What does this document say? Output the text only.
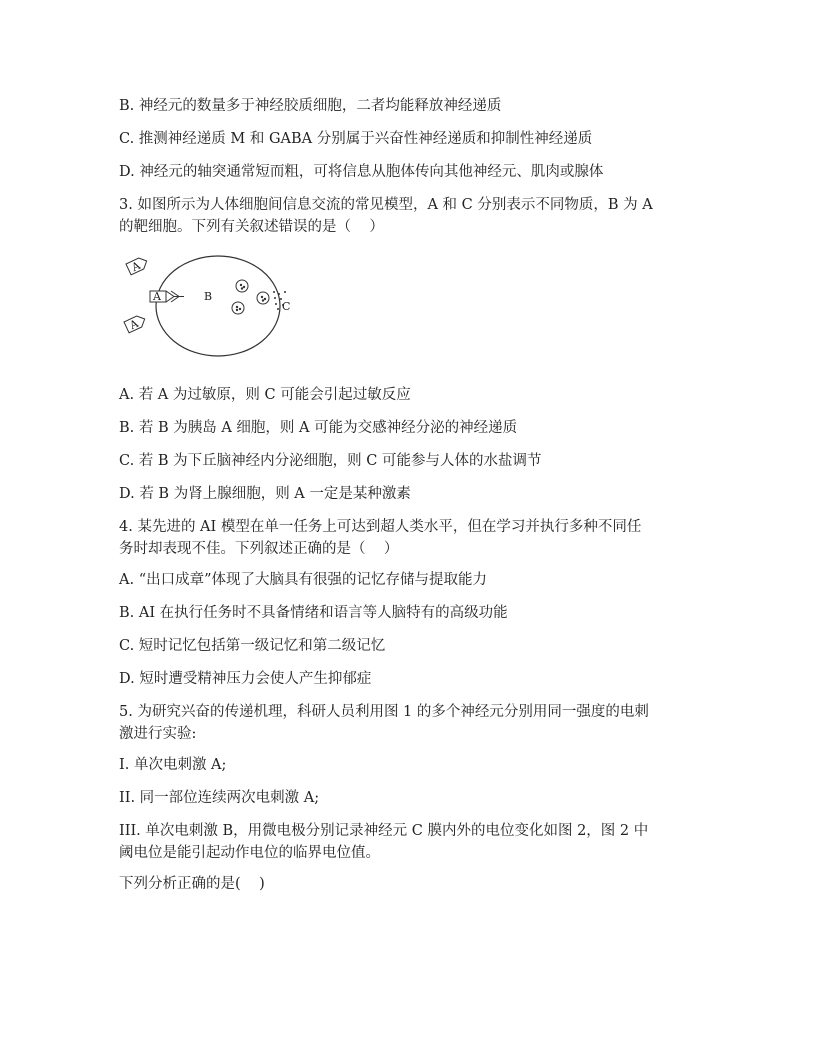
B. 神经元的数量多于神经胶质细胞，二者均能释放神经递质
C. 推测神经递质 M 和 GABA 分别属于兴奋性神经递质和抑制性神经递质
D. 神经元的轴突通常短而粗，可将信息从胞体传向其他神经元、肌肉或腺体
3. 如图所示为人体细胞间信息交流的常见模型，A 和 C 分别表示不同物质，B 为 A
的靶细胞。下列有关叙述错误的是（    ）
A
A
A
B
C
A. 若 A 为过敏原，则 C 可能会引起过敏反应
B. 若 B 为胰岛 A 细胞，则 A 可能为交感神经分泌的神经递质
C. 若 B 为下丘脑神经内分泌细胞，则 C 可能参与人体的水盐调节
D. 若 B 为肾上腺细胞，则 A 一定是某种激素
4. 某先进的 AI 模型在单一任务上可达到超人类水平，但在学习并执行多种不同任
务时却表现不佳。下列叙述正确的是（    ）
A. “出口成章”体现了大脑具有很强的记忆存储与提取能力
B. AI 在执行任务时不具备情绪和语言等人脑特有的高级功能
C. 短时记忆包括第一级记忆和第二级记忆
D. 短时遭受精神压力会使人产生抑郁症
5. 为研究兴奋的传递机理，科研人员利用图 1 的多个神经元分别用同一强度的电刺
激进行实验:
I. 单次电刺激 A;
II. 同一部位连续两次电刺激 A;
III. 单次电刺激 B，用微电极分别记录神经元 C 膜内外的电位变化如图 2，图 2 中
阈电位是能引起动作电位的临界电位值。
下列分析正确的是(    )
